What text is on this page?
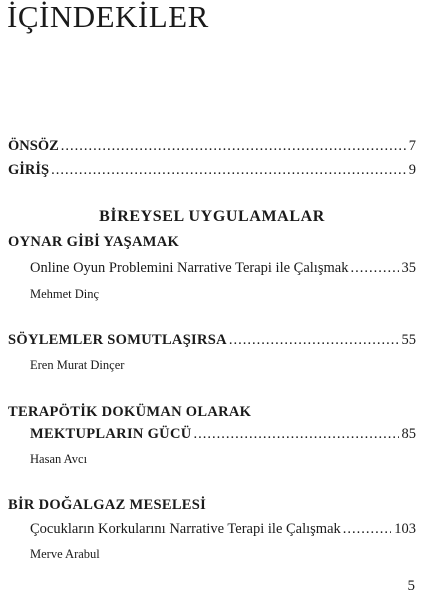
İÇİNDEKİLER
ÖNSÖZ .....	7
GİRİŞ .....	9
BİREYSEL UYGULAMALAR
OYNAR GİBİ YAŞAMAK
Online Oyun Problemini Narrative Terapi ile Çalışmak .....	35
Mehmet Dinç
SÖYLEMLER SOMUTLAŞIRSA .....	55
Eren Murat Dinçer
TERAPÖTİK DOKÜMAN OLARAK
MEKTUPLARIN GÜCÜ .....	85
Hasan Avcı
BİR DOĞALGAZ MESELESİ
Çocukların Korkularını Narrative Terapi ile Çalışmak .....	103
Merve Arabul
5
